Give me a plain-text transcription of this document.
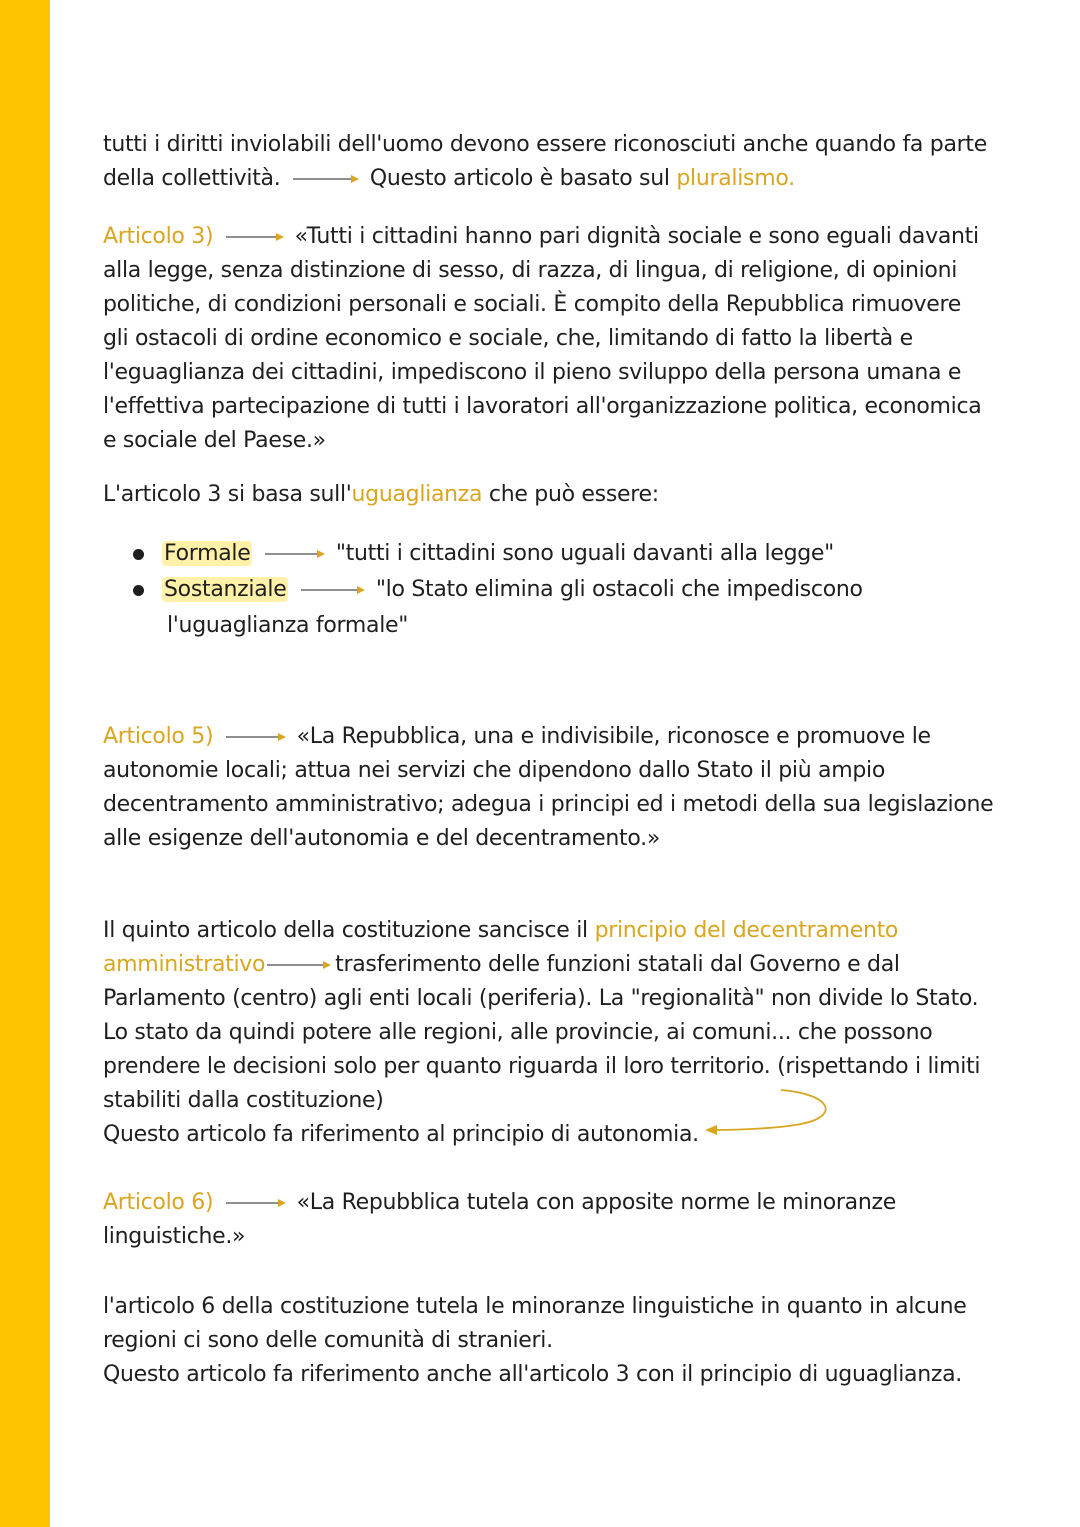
tutti i diritti inviolabili dell'uomo devono essere riconosciuti anche quando fa parte
della collettività.	Questo articolo è basato sul pluralismo.
Articolo 3)	«Tutti i cittadini hanno pari dignità sociale e sono eguali davanti
alla legge, senza distinzione di sesso, di razza, di lingua, di religione, di opinioni
politiche, di condizioni personali e sociali. È compito della Repubblica rimuovere
gli ostacoli di ordine economico e sociale, che, limitando di fatto la libertà e
l'eguaglianza dei cittadini, impediscono il pieno sviluppo della persona umana e
l'effettiva partecipazione di tutti i lavoratori all'organizzazione politica, economica
e sociale del Paese.»
L'articolo 3 si basa sull'uguaglianza che può essere:
Formale	"tutti i cittadini sono uguali davanti alla legge"
Sostanziale	"lo Stato elimina gli ostacoli che impediscono
l'uguaglianza formale"
Articolo 5)	«La Repubblica, una e indivisibile, riconosce e promuove le
autonomie locali; attua nei servizi che dipendono dallo Stato il più ampio
decentramento amministrativo; adegua i principi ed i metodi della sua legislazione
alle esigenze dell'autonomia e del decentramento.»
Il quinto articolo della costituzione sancisce il principio del decentramento
amministrativo	trasferimento delle funzioni statali dal Governo e dal
Parlamento (centro) agli enti locali (periferia). La "regionalità" non divide lo Stato.
Lo stato da quindi potere alle regioni, alle provincie, ai comuni... che possono
prendere le decisioni solo per quanto riguarda il loro territorio. (rispettando i limiti
stabiliti dalla costituzione)
Questo articolo fa riferimento al principio di autonomia.
Articolo 6)	«La Repubblica tutela con apposite norme le minoranze
linguistiche.»
l'articolo 6 della costituzione tutela le minoranze linguistiche in quanto in alcune
regioni ci sono delle comunità di stranieri.
Questo articolo fa riferimento anche all'articolo 3 con il principio di uguaglianza.
